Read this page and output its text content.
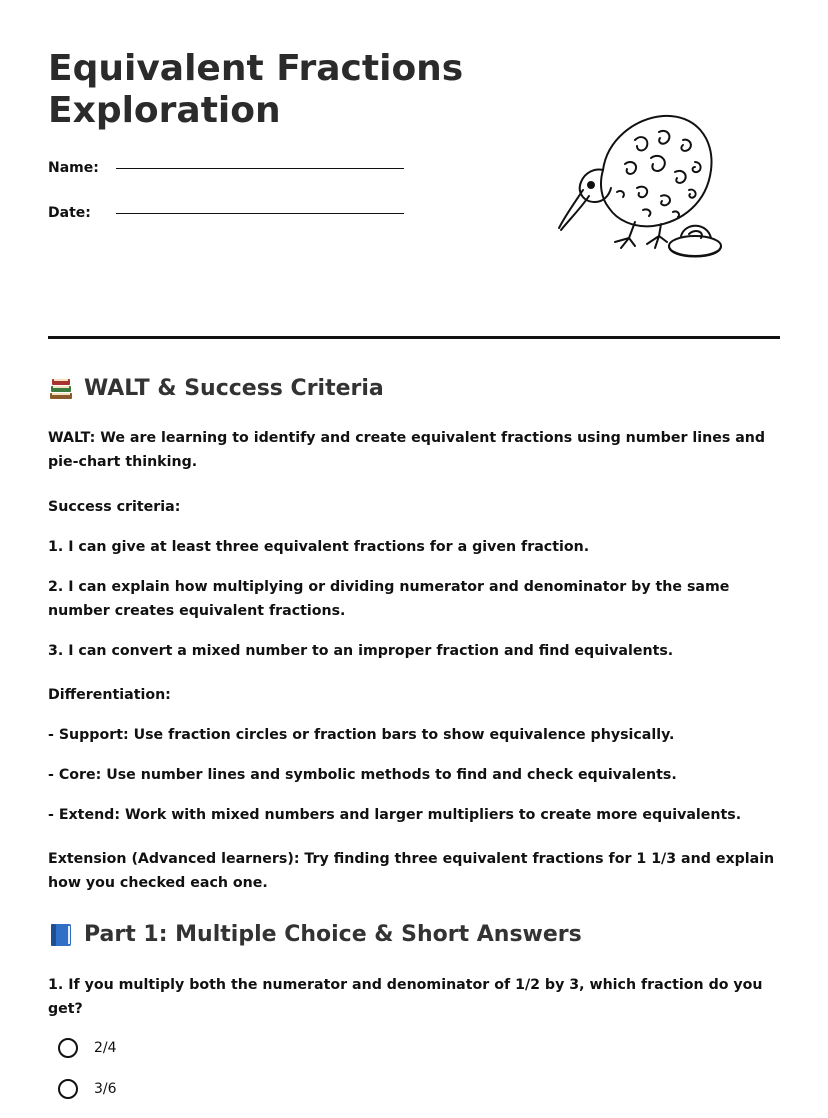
Equivalent Fractions Exploration
Name:
Date:
WALT & Success Criteria

WALT: We are learning to identify and create equivalent fractions using number lines and pie-chart thinking.

Success criteria:

1. I can give at least three equivalent fractions for a given fraction.

2. I can explain how multiplying or dividing numerator and denominator by the same number creates equivalent fractions.

3. I can convert a mixed number to an improper fraction and find equivalents.

Differentiation:

- Support: Use fraction circles or fraction bars to show equivalence physically.

- Core: Use number lines and symbolic methods to find and check equivalents.

- Extend: Work with mixed numbers and larger multipliers to create more equivalents.

Extension (Advanced learners): Try finding three equivalent fractions for 1 1/3 and explain how you checked each one.

Part 1: Multiple Choice & Short Answers

1. If you multiply both the numerator and denominator of 1/2 by 3, which fraction do you get?

2/4
3/6
